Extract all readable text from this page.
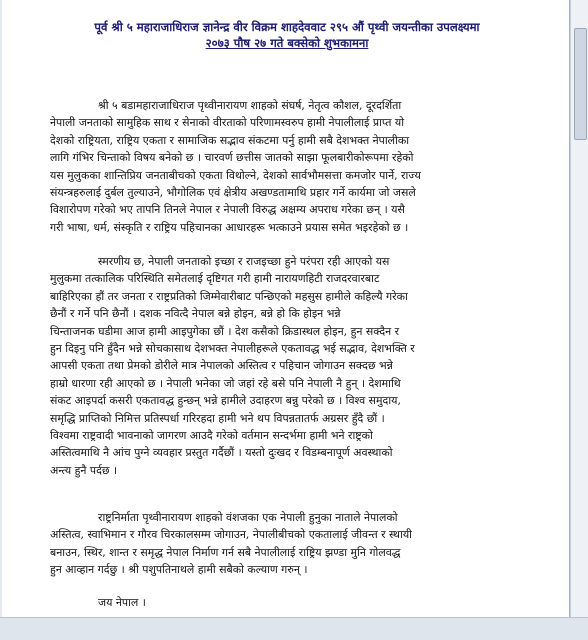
पूर्व श्री ५ महाराजाधिराज ज्ञानेन्द्र वीर विक्रम शाहदेववाट २९५ औं पृथ्वी जयन्तीका उपलक्ष्यमा
२०७३ पौष २७ गते बक्सेको शुभकामना
श्री ५ बडामहाराजाधिराज पृथ्वीनारायण शाहको संघर्ष, नेतृत्व कौशल, दूरदर्शिता
नेपाली जनताको सामुहिक साथ र सेनाको वीरताको परिणामस्वरुप हामी नेपालीलाई प्राप्त यो
देशको राष्ट्रियता, राष्ट्रिय एकता र सामाजिक सद्भाव संकटमा पर्नु हामी सबै देशभक्त नेपालीका
लागि गंभिर चिन्ताको विषय बनेको छ । चारवर्ण छत्तीस जातको साझा फूलबारीकोरूपमा रहेको
यस मुलुकका शान्तिप्रिय जनताबीचको एकता विथोल्ने, देशको सार्वभौमसत्ता कमजोर पार्ने, राज्य
संयन्त्रहरुलाई दुर्बल तुल्याउने, भौगोलिक एवं क्षेत्रीय अखण्डतामाथि प्रहार गर्ने कार्यमा जो जसले
विशारोपण गरेको भए तापनि तिनले नेपाल र नेपाली विरुद्ध अक्षम्य अपराध गरेका छन् । यसै
गरी भाषा, धर्म, संस्कृति र राष्ट्रिय पहिचानका आधारहरू भत्काउने प्रयास समेत भइरहेको छ ।
स्मरणीय छ, नेपाली जनताको इच्छा र राजइच्छा हुने परंपरा रही आएको यस
मुलुकमा तत्कालिक परिस्थिति समेतलाई दृष्टिगत गरी हामी नारायणहिटी राजदरवारबाट
बाहिरिएका हौं तर जनता र राष्ट्रप्रतिको जिम्मेवारीबाट पन्छिएको महसुस हामीले कहिल्यै गरेका
छैनौं र गर्ने पनि छैनौं । दशक नवित्दै नेपाल बन्ने होइन, बन्ने हो कि होइन भन्ने
चिन्ताजनक घडीमा आज हामी आइपुगेका छौं । देश कसैको क्रिडास्थल होइन, हुन सक्दैन र
हुन दिइनु पनि हुँदैन भन्ने सोचकासाथ देशभक्त नेपालीहरूले एकतावद्ध भई सद्भाव, देशभक्ति र
आपसी एकता तथा प्रेमको डोरीले मात्र नेपालको अस्तित्व र पहिचान जोगाउन सक्दछ भन्ने
हाम्रो धारणा रही आएको छ । नेपाली भनेका जो जहां रहे बसे पनि नेपाली नै हुन् । देशमाथि
संकट आइपर्दा कसरी एकतावद्ध हुन्छन् भन्ने हामीले उदाहरण बन्नु परेको छ । विश्व समुदाय,
समृद्धि प्राप्तिको निमित्त प्रतिस्पर्धा गरिरहदा हामी भने थप विपन्नतातर्फ अग्रसर हुँदै छौं ।
विश्वमा राष्ट्रवादी भावनाको जागरण आउदै गरेको वर्तमान सन्दर्भमा हामी भने राष्ट्रको
अस्तित्वमाथि नै आंच पुग्ने व्यवहार प्रस्तुत गर्दैछौं । यस्तो दुःखद र विडम्बनापूर्ण अवस्थाको
अन्त्य हुनै पर्दछ ।
राष्ट्रनिर्माता पृथ्वीनारायण शाहको वंशजका एक नेपाली हुनुका नाताले नेपालको
अस्तित्व, स्वाभिमान र गौरव चिरकालसम्म जोगाउन, नेपालीबीचको एकतालाई जीवन्त र स्थायी
बनाउन, स्थिर, शान्त र समृद्ध नेपाल निर्माण गर्न सबै नेपालीलाई राष्ट्रिय झण्डा मुनि गोलवद्ध
हुन आव्हान गर्दछु । श्री पशुपतिनाथले हामी सबैको कल्याण गरुन् ।
जय नेपाल ।
